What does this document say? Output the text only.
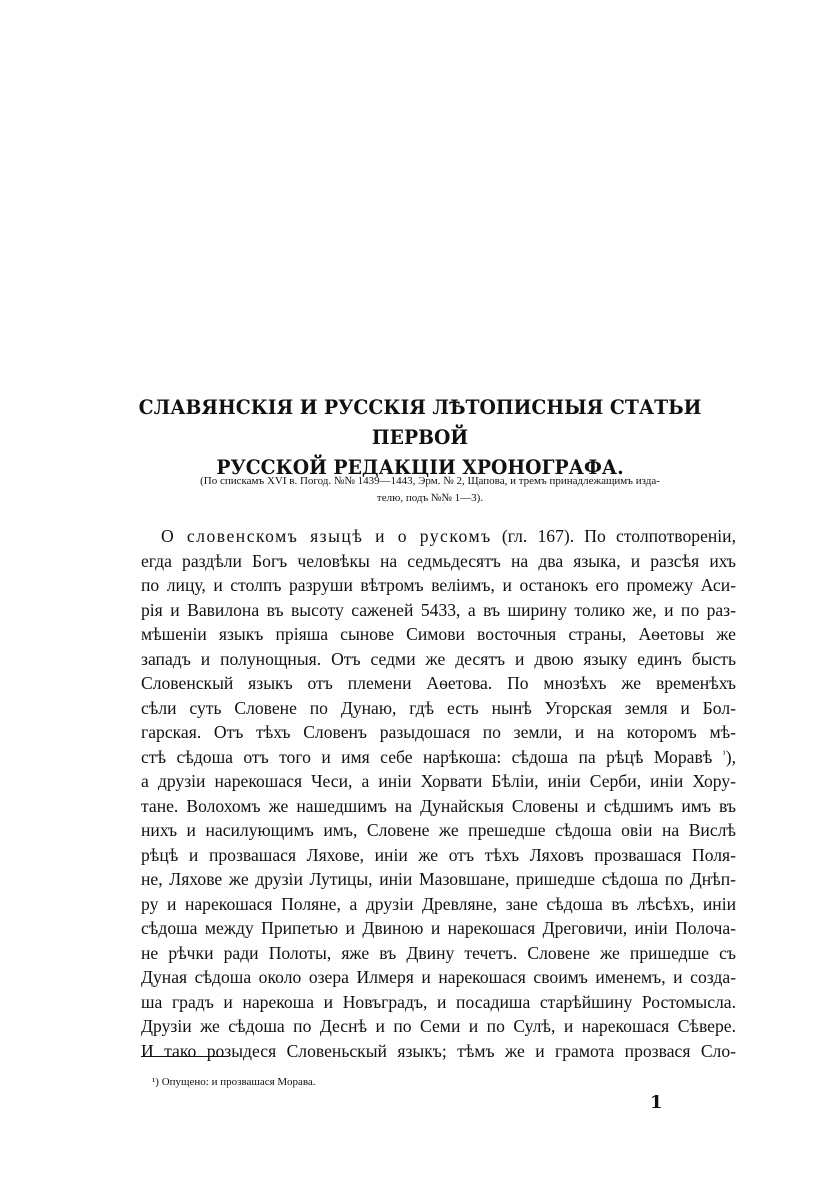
СЛАВЯНСКІЯ И РУССКІЯ ЛѢТОПИСНЫЯ СТАТЬИ ПЕРВОЙ
РУССКОЙ РЕДАКЦІИ ХРОНОГРАФА.
(По спискамъ XVI в. Погод. №№ 1439—1443, Эрм. № 2, Щапова, и тремъ принадлежащимъ изда-
телю, подъ №№ 1—3).
О словенскомъ языцѣ и о рускомъ (гл. 167). По столпотвореніи,
егда раздѣли Богъ человѣкы на седмьдесятъ на два языка, и разсѣя ихъ
по лицу, и столпъ разруши вѣтромъ веліимъ, и останокъ его промежу Аси-
рія и Вавилона въ высоту саженей 5433, а въ ширину толико же, и по раз-
мѣшеніи языкъ пріяша сынове Симови восточныя страны, Аѳетовы же
западъ и полунощныя. Отъ седми же десятъ и двою языку единъ бысть
Словенскый языкъ отъ племени Аѳетова. По мнозѣхъ же временѣхъ
сѣли суть Словене по Дунаю, гдѣ есть нынѣ Угорская земля и Бол-
гарская. Отъ тѣхъ Словенъ разыдошася по земли, и на которомъ мѣ-
стѣ сѣдоша отъ того и имя себе нарѣкоша: сѣдоша па рѣцѣ Моравѣ $^{^1}$),
а друзіи нарекошася Чеси, а иніи Хорвати Бѣліи, иніи Серби, иніи Хору-
тане. Волохомъ же нашедшимъ на Дунайскыя Словены и сѣдшимъ имъ въ
нихъ и насилующимъ имъ, Словене же прешедше сѣдоша овіи на Вислѣ
рѣцѣ и прозвашася Ляхове, иніи же отъ тѣхъ Ляховъ прозвашася Поля-
не, Ляхове же друзіи Лутицы, иніи Мазовшане, пришедше сѣдоша по Днѣп-
ру и нарекошася Поляне, а друзіи Древляне, зане сѣдоша въ лѣсѣхъ, иніи
сѣдоша между Припетью и Двиною и нарекошася Дреговичи, иніи Полоча-
не рѣчки ради Полоты, яже въ Двину течетъ. Словене же пришедше съ
Дуная сѣдоша около озера Илмеря и нарекошася своимъ именемъ, и созда-
ша градъ и нарекоша и Новъградъ, и посадиша старѣйшину Ростомысла.
Друзіи же сѣдоша по Деснѣ и по Семи и по Сулѣ, и нарекошася Сѣвере.
И тако розыдеся Словеньскый языкъ; тѣмъ же и грамота прозвася Сло-
¹) Опущено: и прозвашася Морава.
1
